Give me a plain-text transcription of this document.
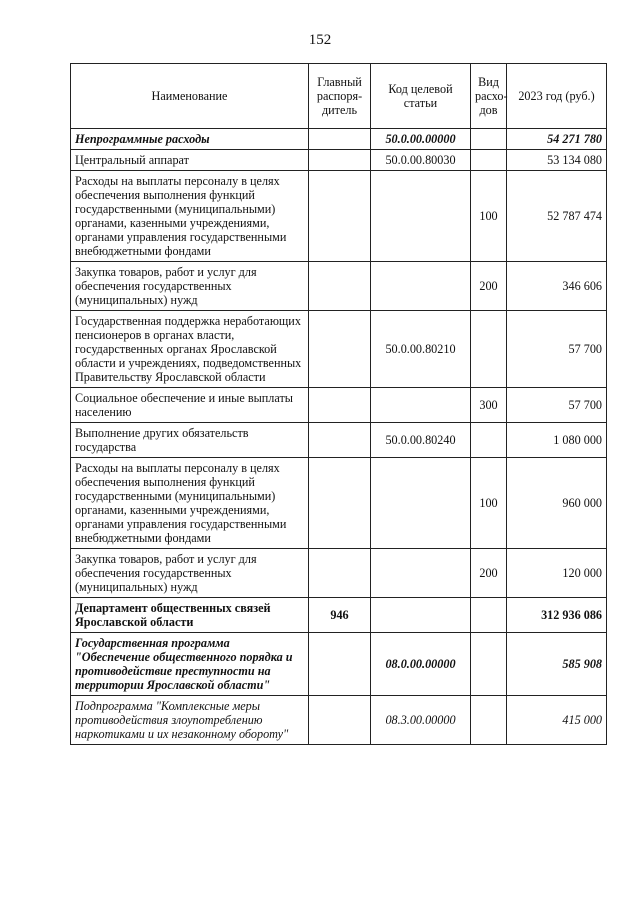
152
Наименование	Главный распоря-дитель	Код целевой статьи	Вид расхо-дов	2023 год (руб.)
Непрограммные расходы		50.0.00.00000		54 271 780
Центральный аппарат		50.0.00.80030		53 134 080
Расходы на выплаты персоналу в целях обеспечения выполнения функций государственными (муниципальными) органами, казенными учреждениями, органами управления государственными внебюджетными фондами			100	52 787 474
Закупка товаров, работ и услуг для обеспечения государственных (муниципальных) нужд			200	346 606
Государственная поддержка неработающих пенсионеров в органах власти, государственных органах Ярославской области и учреждениях, подведомственных Правительству Ярославской области		50.0.00.80210		57 700
Социальное обеспечение и иные выплаты населению			300	57 700
Выполнение других обязательств государства		50.0.00.80240		1 080 000
Расходы на выплаты персоналу в целях обеспечения выполнения функций государственными (муниципальными) органами, казенными учреждениями, органами управления государственными внебюджетными фондами			100	960 000
Закупка товаров, работ и услуг для обеспечения государственных (муниципальных) нужд			200	120 000
Департамент общественных связей Ярославской области	946			312 936 086
Государственная программа "Обеспечение общественного порядка и противодействие преступности на территории Ярославской области"		08.0.00.00000		585 908
Подпрограмма "Комплексные меры противодействия злоупотреблению наркотиками и их незаконному обороту"		08.3.00.00000		415 000
